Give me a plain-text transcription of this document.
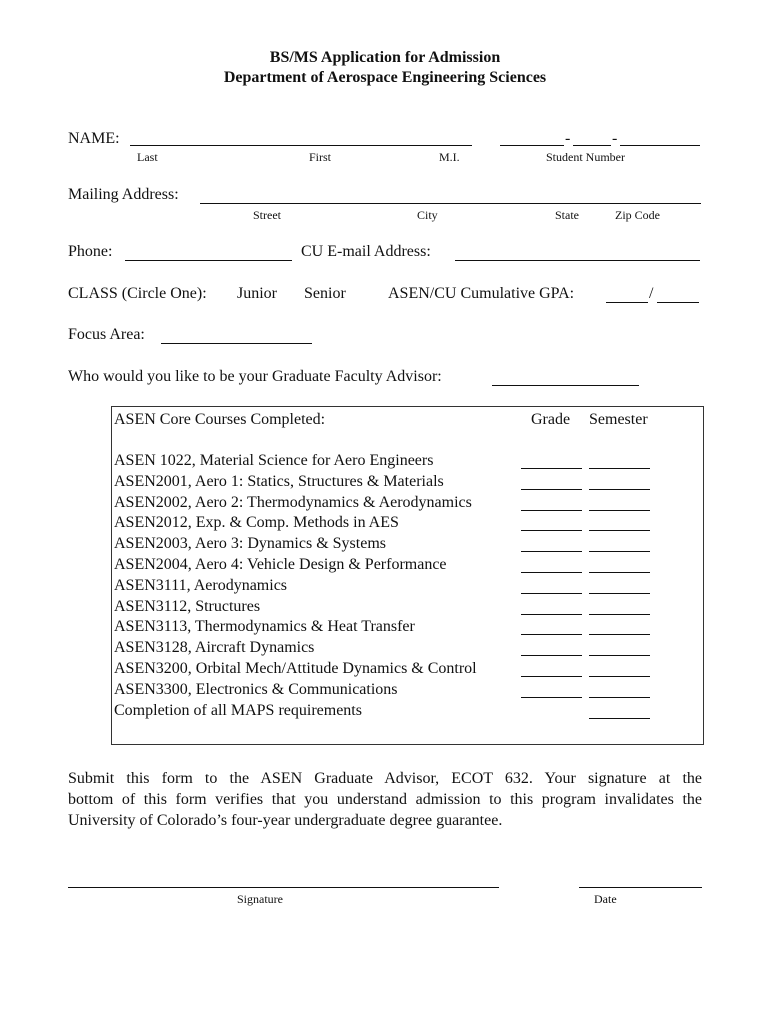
BS/MS Application for Admission
Department of Aerospace Engineering Sciences
NAME:	-	-
Last	First	M.I.	Student Number
Mailing Address:
Street	City	State	Zip Code
Phone:	CU E-mail Address:
CLASS (Circle One): Junior Senior	ASEN/CU Cumulative GPA:	/
Focus Area:
Who would you like to be your Graduate Faculty Advisor:
ASEN Core Courses Completed:	Grade Semester
ASEN 1022, Material Science for Aero Engineers
ASEN2001, Aero 1: Statics, Structures & Materials
ASEN2002, Aero 2: Thermodynamics & Aerodynamics
ASEN2012, Exp. & Comp. Methods in AES
ASEN2003, Aero 3: Dynamics & Systems
ASEN2004, Aero 4: Vehicle Design & Performance
ASEN3111, Aerodynamics
ASEN3112, Structures
ASEN3113, Thermodynamics & Heat Transfer
ASEN3128, Aircraft Dynamics
ASEN3200, Orbital Mech/Attitude Dynamics & Control
ASEN3300, Electronics & Communications
Completion of all MAPS requirements
Submit this form to the ASEN Graduate Advisor, ECOT 632. Your signature at the
bottom of this form verifies that you understand admission to this program invalidates the
University of Colorado’s four-year undergraduate degree guarantee.
Signature	Date
